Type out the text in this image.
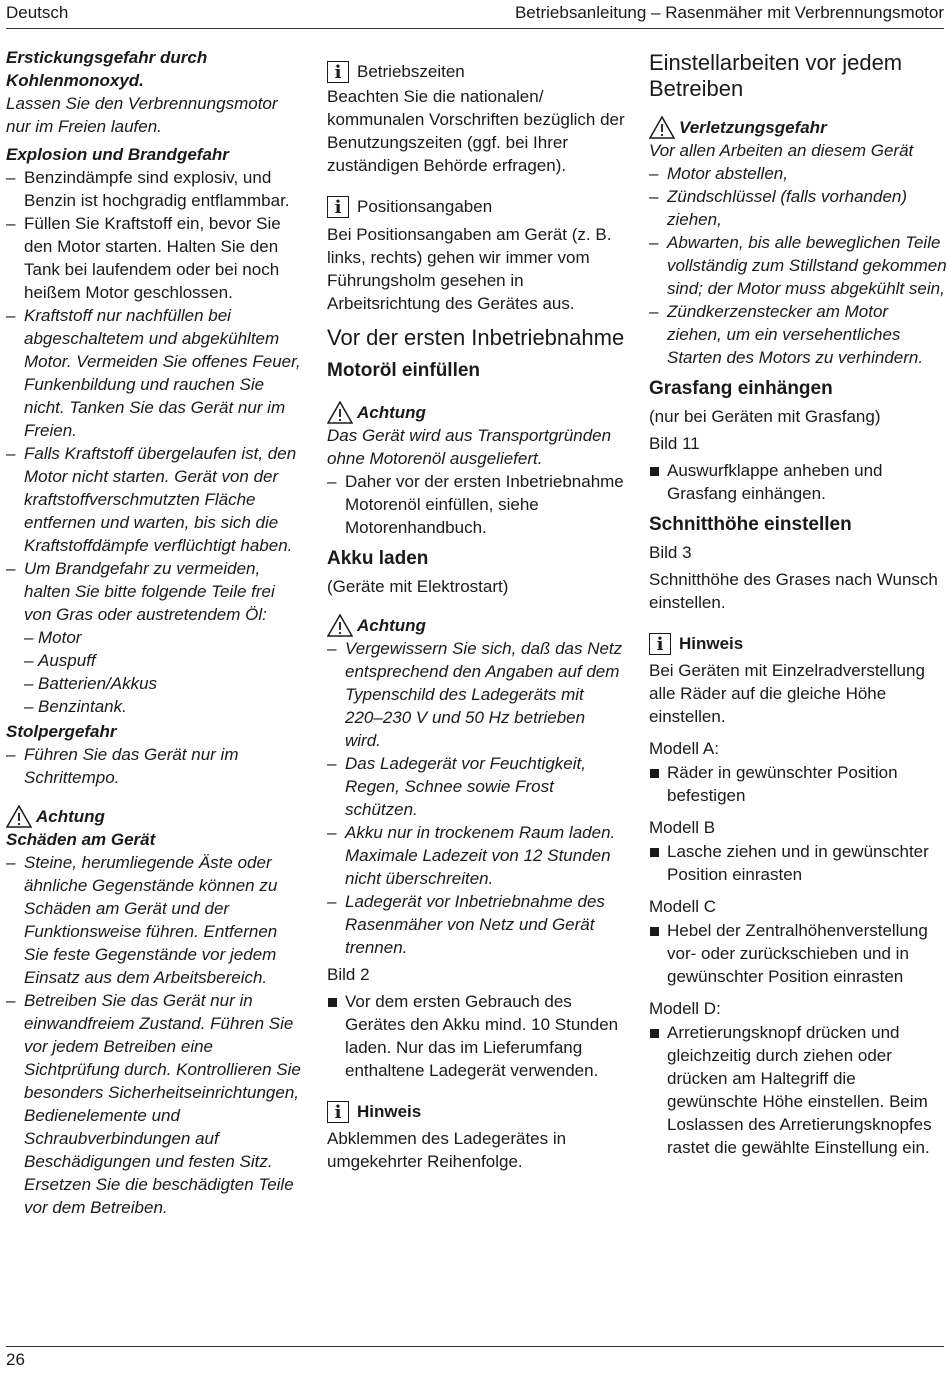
Deutsch	Betriebsanleitung – Rasenmäher mit Verbrennungsmotor

Erstickungsgefahr durch Kohlenmonoxyd.

Lassen Sie den Verbrennungsmotor nur im Freien laufen.

Explosion und Brandgefahr

– Benzindämpfe sind explosiv, und Benzin ist hochgradig entflammbar.

– Füllen Sie Kraftstoff ein, bevor Sie den Motor starten. Halten Sie den Tank bei laufendem oder bei noch heißem Motor geschlossen.

– Kraftstoff nur nachfüllen bei abgeschaltetem und abgekühltem Motor. Vermeiden Sie offenes Feuer, Funkenbildung und rauchen Sie nicht. Tanken Sie das Gerät nur im Freien.

– Falls Kraftstoff übergelaufen ist, den Motor nicht starten. Gerät von der kraftstoffverschmutzten Fläche entfernen und warten, bis sich die Kraftstoffdämpfe verflüchtigt haben.

– Um Brandgefahr zu vermeiden, halten Sie bitte folgende Teile frei von Gras oder austretendem Öl:

– Motor

– Auspuff

– Batterien/Akkus

– Benzintank.

Stolpergefahr

– Führen Sie das Gerät nur im Schrittempo.

Achtung

Schäden am Gerät

– Steine, herumliegende Äste oder ähnliche Gegenstände können zu Schäden am Gerät und der Funktionsweise führen. Entfernen Sie feste Gegenstände vor jedem Einsatz aus dem Arbeitsbereich.

– Betreiben Sie das Gerät nur in einwandfreiem Zustand. Führen Sie vor jedem Betreiben eine Sichtprüfung durch. Kontrollieren Sie besonders Sicherheitseinrichtungen, Bedienelemente und Schraubverbindungen auf Beschädigungen und festen Sitz. Ersetzen Sie die beschädigten Teile vor dem Betreiben.

i Betriebszeiten

Beachten Sie die nationalen/ kommunalen Vorschriften bezüglich der Benutzungszeiten (ggf. bei Ihrer zuständigen Behörde erfragen).

i Positionsangaben

Bei Positionsangaben am Gerät (z. B. links, rechts) gehen wir immer vom Führungsholm gesehen in Arbeitsrichtung des Gerätes aus.

Vor der ersten Inbetriebnahme

Motoröl einfüllen

Achtung

Das Gerät wird aus Transportgründen ohne Motorenöl ausgeliefert.

– Daher vor der ersten Inbetriebnahme Motorenöl einfüllen, siehe Motorenhandbuch.

Akku laden

(Geräte mit Elektrostart)

Achtung

– Vergewissern Sie sich, daß das Netz entsprechend den Angaben auf dem Typenschild des Ladegeräts mit 220–230 V und 50 Hz betrieben wird.

– Das Ladegerät vor Feuchtigkeit, Regen, Schnee sowie Frost schützen.

– Akku nur in trockenem Raum laden. Maximale Ladezeit von 12 Stunden nicht überschreiten.

– Ladegerät vor Inbetriebnahme des Rasenmäher von Netz und Gerät trennen.

Bild 2

Vor dem ersten Gebrauch des Gerätes den Akku mind. 10 Stunden laden. Nur das im Lieferumfang enthaltene Ladegerät verwenden.

i Hinweis

Abklemmen des Ladegerätes in umgekehrter Reihenfolge.

Einstellarbeiten vor jedem Betreiben

Verletzungsgefahr

Vor allen Arbeiten an diesem Gerät

– Motor abstellen,

– Zündschlüssel (falls vorhanden) ziehen,

– Abwarten, bis alle beweglichen Teile vollständig zum Stillstand gekommen sind; der Motor muss abgekühlt sein,

– Zündkerzenstecker am Motor ziehen, um ein versehentliches Starten des Motors zu verhindern.

Grasfang einhängen

(nur bei Geräten mit Grasfang)

Bild 11

Auswurfklappe anheben und Grasfang einhängen.

Schnitthöhe einstellen

Bild 3

Schnitthöhe des Grases nach Wunsch einstellen.

i Hinweis

Bei Geräten mit Einzelradverstellung alle Räder auf die gleiche Höhe einstellen.

Modell A:

Räder in gewünschter Position befestigen

Modell B

Lasche ziehen und in gewünschter Position einrasten

Modell C

Hebel der Zentralhöhenverstellung vor- oder zurückschieben und in gewünschter Position einrasten

Modell D:

Arretierungsknopf drücken und gleichzeitig durch ziehen oder drücken am Haltegriff die gewünschte Höhe einstellen. Beim Loslassen des Arretierungsknopfes rastet die gewählte Einstellung ein.

26
